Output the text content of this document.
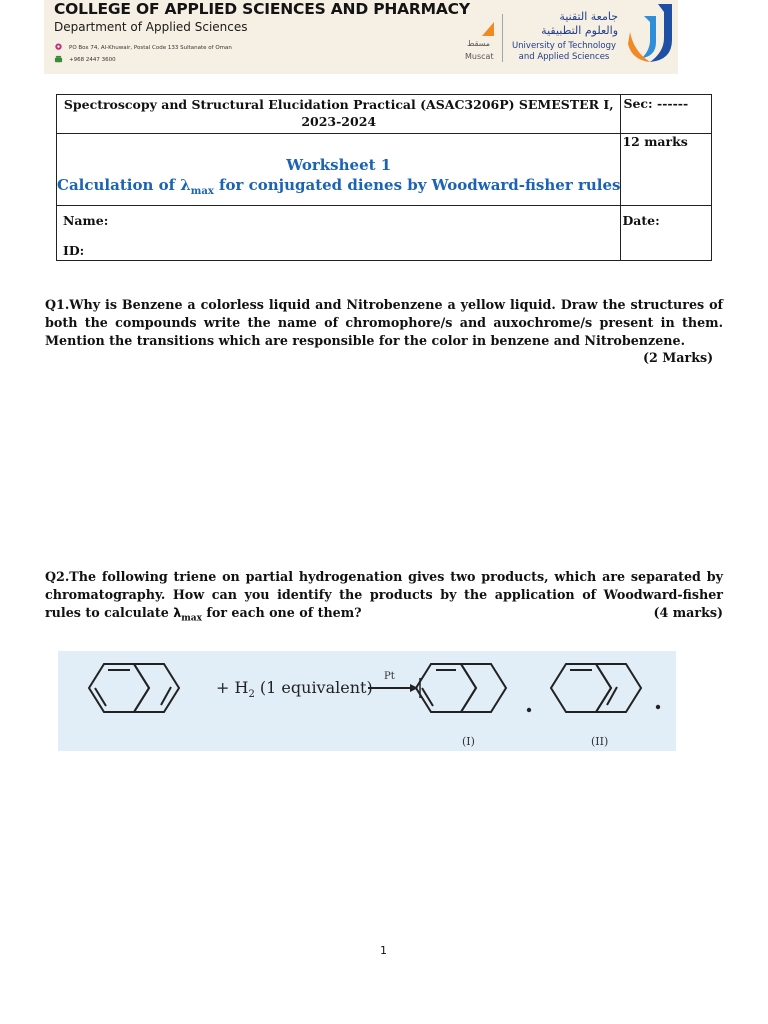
COLLEGE OF APPLIED SCIENCES AND PHARMACY
Department of Applied Sciences
PO Box 74, Al-Khuwair, Postal Code 133 Sultanate of Oman
+968 2447 3600
مسقط
Muscat
جامعة التقنية
والعلوم التطبيقية
University of Technology
and Applied Sciences
Spectroscopy and Structural Elucidation Practical (ASAC3206P) SEMESTER I, 2023-2024	Sec: ------

Worksheet 1
Calculation of $\lambda_{max}$ for conjugated dienes by Woodward-fisher rules	12 marks

Name:
ID:	Date:
Q1.Why is Benzene a colorless liquid and Nitrobenzene a yellow liquid. Draw the structures of both the compounds write the name of chromophore/s and auxochrome/s present in them. Mention the transitions which are responsible for the color in benzene and Nitrobenzene.
(2 Marks)
Q2.The following triene on partial hydrogenation gives two products, which are separated by chromatography. How can you identify the products by the application of Woodward-fisher rules to calculate $\lambda_{max}$ for each one of them?	(4 marks)
+ $H_2$ (1 equivalent)
Pt
(I)	(II)
1
